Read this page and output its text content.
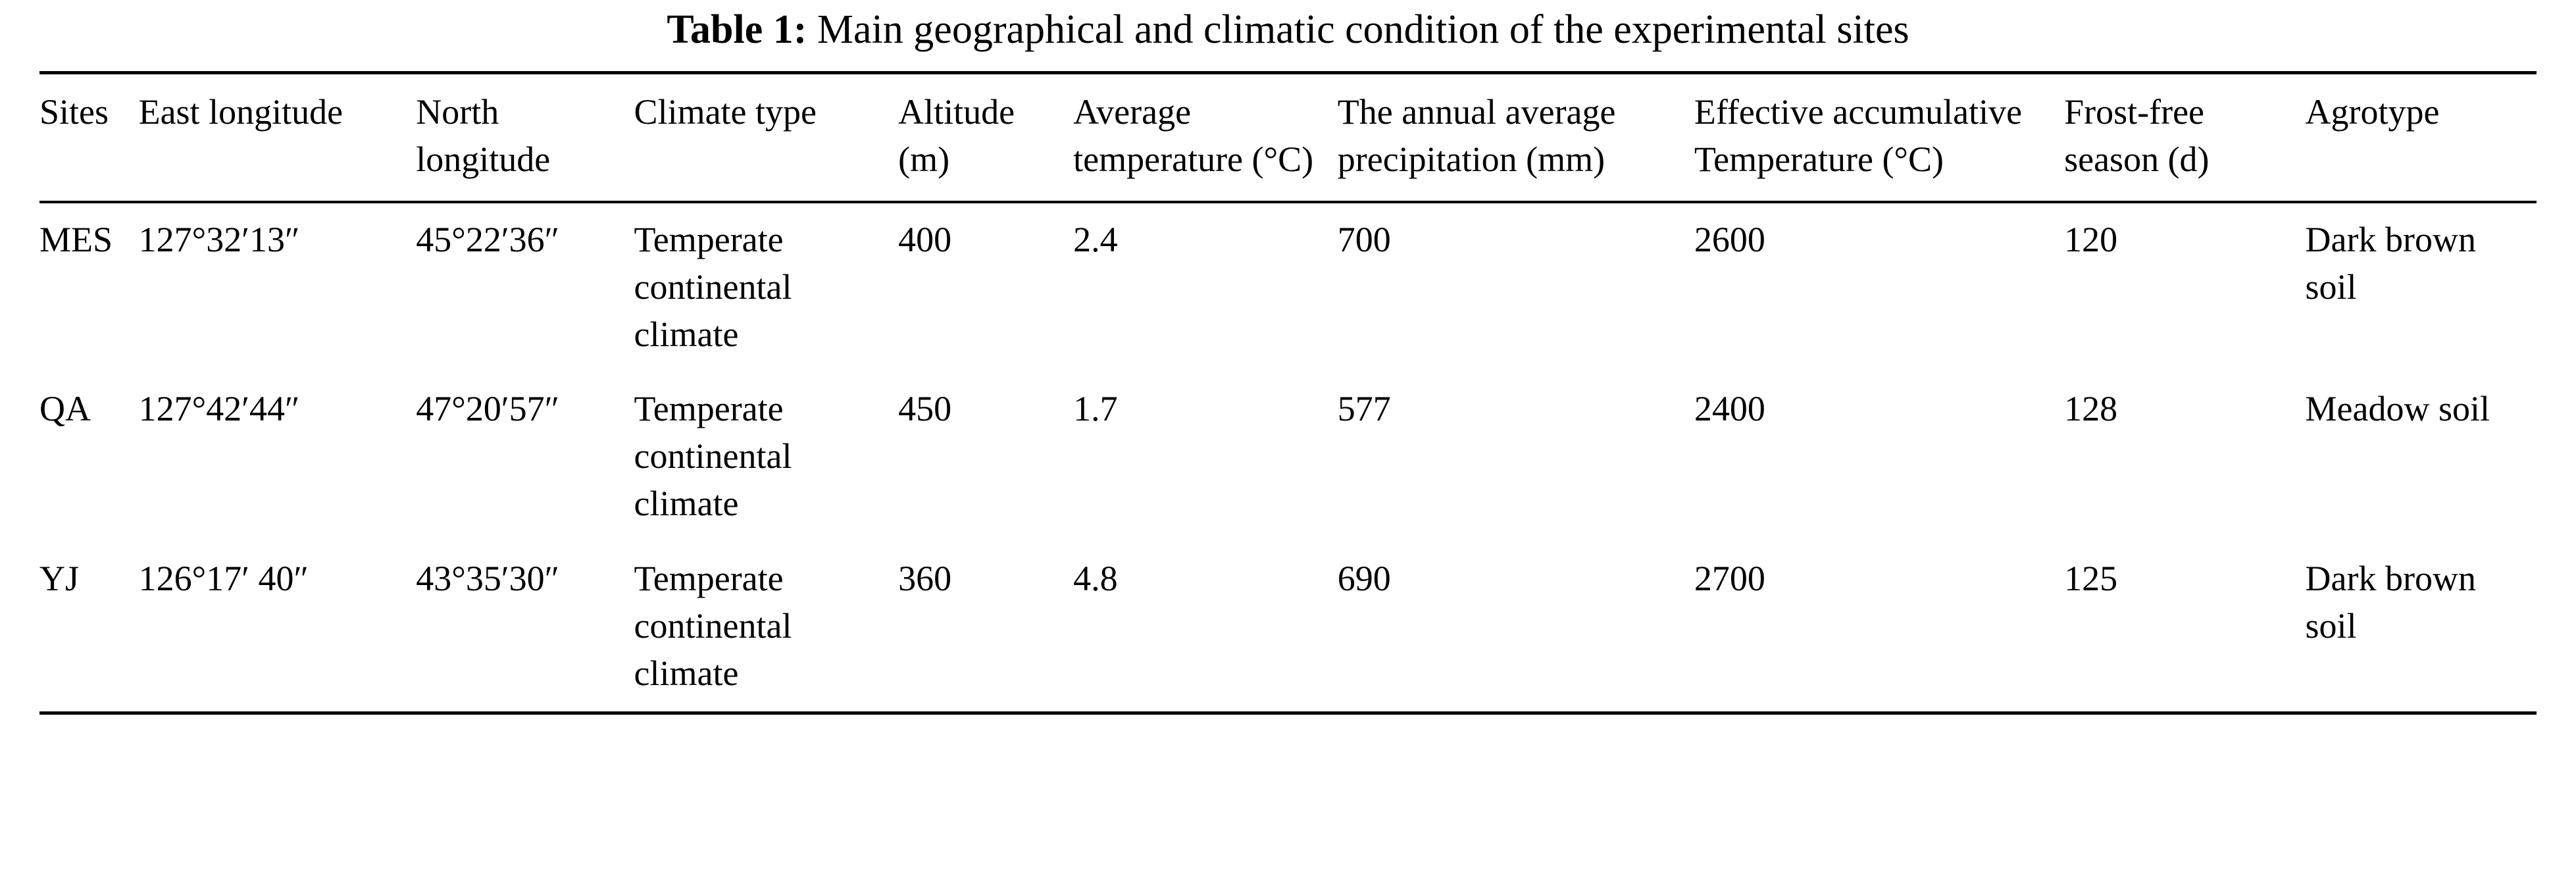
Table 1: Main geographical and climatic condition of the experimental sites
Sites	East longitude	North longitude	Climate type	Altitude (m)	Average temperature (°C)	The annual average precipitation (mm)	Effective accumulative Temperature (°C)	Frost-free season (d)	Agrotype
MES	127°32′13″	45°22′36″	Temperate continental climate	400	2.4	700	2600	120	Dark brown soil
QA	127°42′44″	47°20′57″	Temperate continental climate	450	1.7	577	2400	128	Meadow soil
YJ	126°17′ 40″	43°35′30″	Temperate continental climate	360	4.8	690	2700	125	Dark brown soil
